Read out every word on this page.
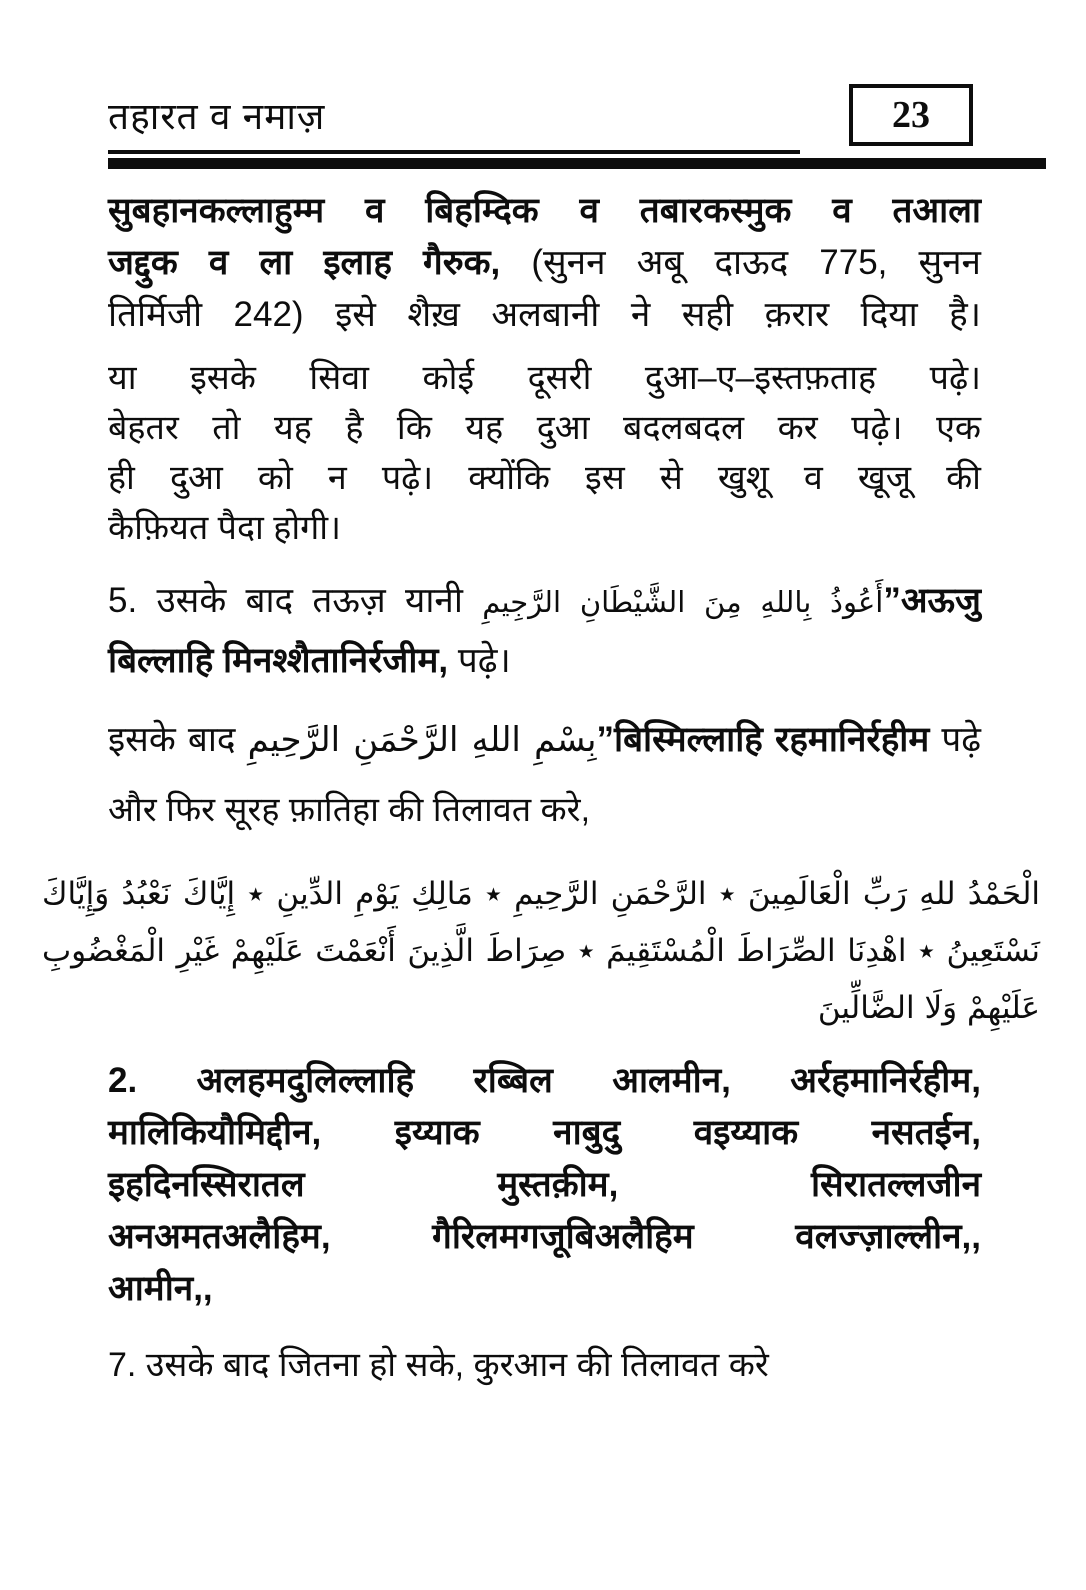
तहारत व नमाज़	23
सुबहानकल्लाहुम्म व बिहम्दिक व तबारकस्मुक व तआला
जद्दुक व ला इलाह गैरुक, (सुनन अबू दाऊद 775, सुनन
तिर्मिजी 242) इसे शैख़ अलबानी ने सही क़रार दिया है।
या इसके सिवा कोई दूसरी दुआ–ए–इस्तफ़ताह पढ़े।
बेहतर तो यह है कि यह दुआ बदलबदल कर पढ़े। एक
ही दुआ को न पढ़े। क्योंकि इस से खुशू व खूजू की
कैफ़ियत पैदा होगी।
5. उसके बाद तऊज़ यानी أَعُوذُ بِاللهِ مِنَ الشَّيْطَانِ الرَّجِيمِ”अऊजु
बिल्लाहि मिनश्शैतानिर्रजीम, पढ़े।
इसके बाद بِسْمِ اللهِ الرَّحْمَنِ الرَّحِيمِ”बिस्मिल्लाहि रहमानिर्रहीम पढ़े
और फिर सूरह फ़ातिहा की तिलावत करे,
الْحَمْدُ للهِ رَبِّ الْعَالَمِينَ ٭ الرَّحْمَنِ الرَّحِيمِ ٭ مَالِكِ يَوْمِ الدِّينِ ٭ إِيَّاكَ نَعْبُدُ وَإِيَّاكَ
نَسْتَعِينُ ٭ اهْدِنَا الصِّرَاطَ الْمُسْتَقِيمَ ٭ صِرَاطَ الَّذِينَ أَنْعَمْتَ عَلَيْهِمْ غَيْرِ الْمَغْضُوبِ
عَلَيْهِمْ وَلَا الضَّالِّينَ
2. अलहमदुलिल्लाहि रब्बिल आलमीन, अर्रहमानिर्रहीम,
मालिकियौमिद्दीन, इय्याक नाबुदु वइय्याक नसतईन,
इहदिनस्सिरातल मुस्तक़ीम, सिरातल्लजीन
अनअमतअलैहिम, गैरिलमगजूबिअलैहिम वलज्ज़ाल्लीन,,
आमीन,,
7. उसके बाद जितना हो सके, कुरआन की तिलावत करे
